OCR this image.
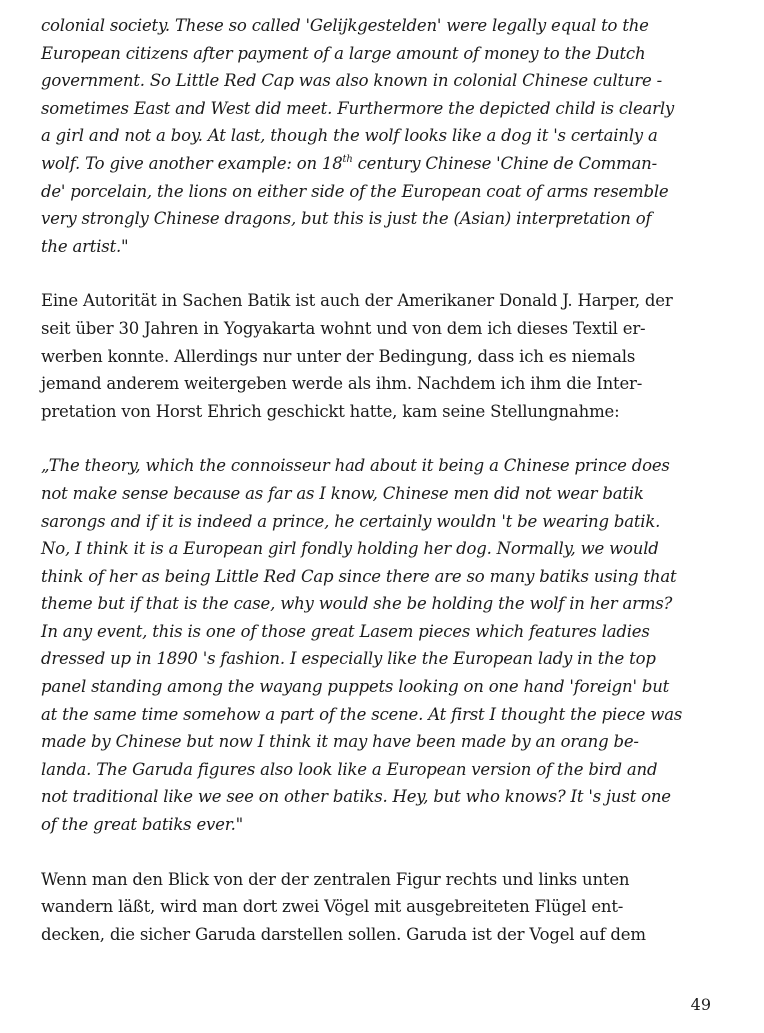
colonial society. These so called 'Gelijkgestelden' were legally equal to the
European citizens after payment of a large amount of money to the Dutch
government. So Little Red Cap was also known in colonial Chinese culture -
sometimes East and West did meet. Furthermore the depicted child is clearly
a girl and not a boy. At last, though the wolf looks like a dog it 's certainly a
wolf. To give another example: on 18th century Chinese 'Chine de Comman-
de' porcelain, the lions on either side of the European coat of arms resemble
very strongly Chinese dragons, but this is just the (Asian) interpretation of
the artist."
Eine Autorität in Sachen Batik ist auch der Amerikaner Donald J. Harper, der
seit über 30 Jahren in Yogyakarta wohnt und von dem ich dieses Textil er-
werben konnte. Allerdings nur unter der Bedingung, dass ich es niemals
jemand anderem weitergeben werde als ihm. Nachdem ich ihm die Inter-
pretation von Horst Ehrich geschickt hatte, kam seine Stellungnahme:
„The theory, which the connoisseur had about it being a Chinese prince does
not make sense because as far as I know, Chinese men did not wear batik
sarongs and if it is indeed a prince, he certainly wouldn 't be wearing batik.
No, I think it is a European girl fondly holding her dog. Normally, we would
think of her as being Little Red Cap since there are so many batiks using that
theme but if that is the case, why would she be holding the wolf in her arms?
In any event, this is one of those great Lasem pieces which features ladies
dressed up in 1890 's fashion. I especially like the European lady in the top
panel standing among the wayang puppets looking on one hand 'foreign' but
at the same time somehow a part of the scene. At first I thought the piece was
made by Chinese but now I think it may have been made by an orang be-
landa. The Garuda figures also look like a European version of the bird and
not traditional like we see on other batiks. Hey, but who knows? It 's just one
of the great batiks ever."
Wenn man den Blick von der der zentralen Figur rechts und links unten
wandern läßt, wird man dort zwei Vögel mit ausgebreiteten Flügel ent-
decken, die sicher Garuda darstellen sollen. Garuda ist der Vogel auf dem
49
